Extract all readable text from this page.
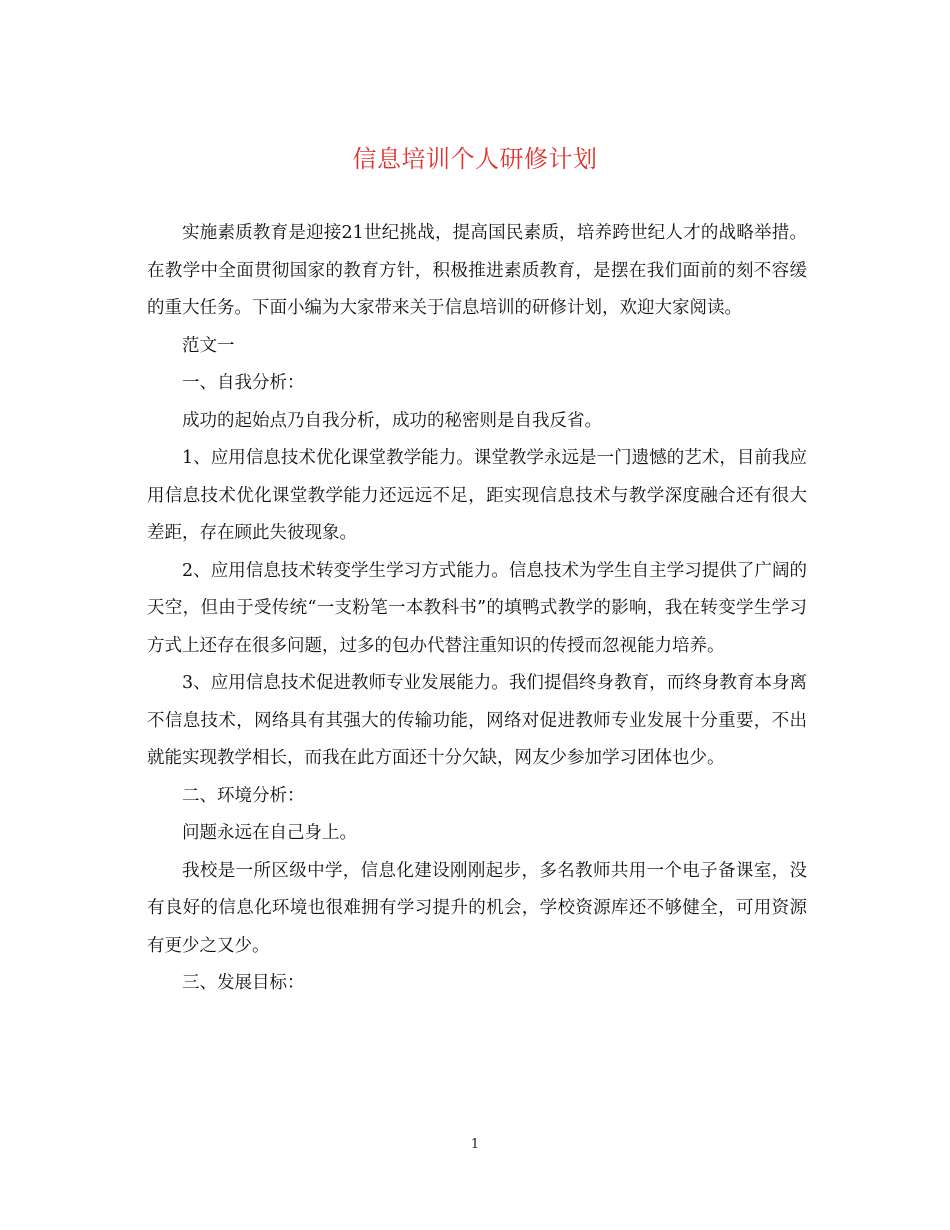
信息培训个人研修计划

实施素质教育是迎接21世纪挑战，提高国民素质，培养跨世纪人才的战略举措。在教学中全面贯彻国家的教育方针，积极推进素质教育，是摆在我们面前的刻不容缓的重大任务。下面小编为大家带来关于信息培训的研修计划，欢迎大家阅读。

范文一

一、自我分析：

成功的起始点乃自我分析，成功的秘密则是自我反省。

1、应用信息技术优化课堂教学能力。课堂教学永远是一门遗憾的艺术，目前我应用信息技术优化课堂教学能力还远远不足，距实现信息技术与教学深度融合还有很大差距，存在顾此失彼现象。

2、应用信息技术转变学生学习方式能力。信息技术为学生自主学习提供了广阔的天空，但由于受传统“一支粉笔一本教科书”的填鸭式教学的影响，我在转变学生学习方式上还存在很多问题，过多的包办代替注重知识的传授而忽视能力培养。

3、应用信息技术促进教师专业发展能力。我们提倡终身教育，而终身教育本身离不信息技术，网络具有其强大的传输功能，网络对促进教师专业发展十分重要，不出就能实现教学相长，而我在此方面还十分欠缺，网友少参加学习团体也少。

二、环境分析：

问题永远在自己身上。

我校是一所区级中学，信息化建设刚刚起步，多名教师共用一个电子备课室，没有良好的信息化环境也很难拥有学习提升的机会，学校资源库还不够健全，可用资源有更少之又少。

三、发展目标：

1
